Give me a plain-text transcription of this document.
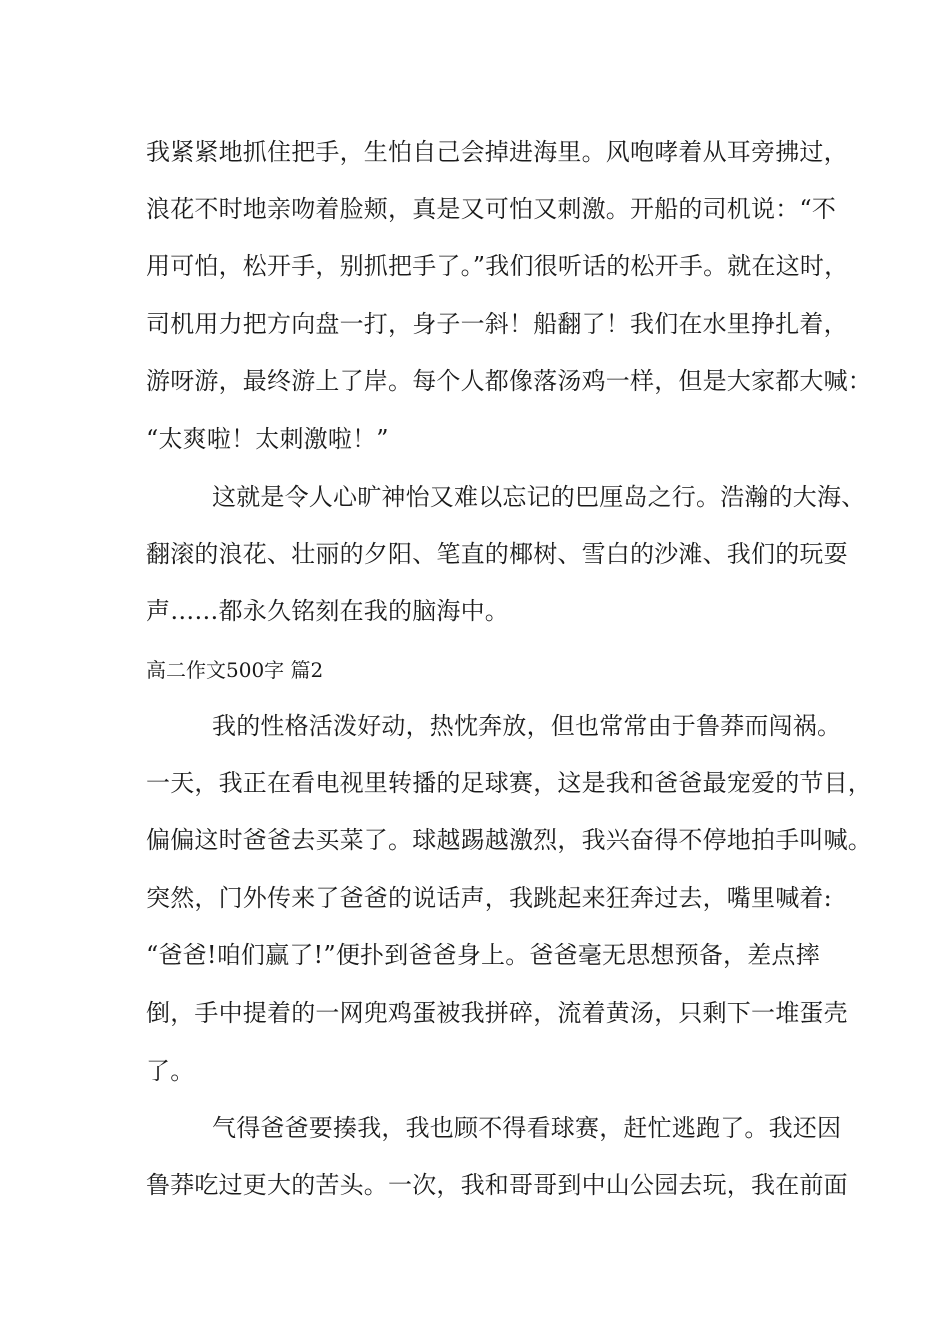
我紧紧地抓住把手，生怕自己会掉进海里。风咆哮着从耳旁拂过，
浪花不时地亲吻着脸颊，真是又可怕又刺激。开船的司机说：“不
用可怕，松开手，别抓把手了。”我们很听话的松开手。就在这时，
司机用力把方向盘一打，身子一斜！船翻了！我们在水里挣扎着，
游呀游，最终游上了岸。每个人都像落汤鸡一样，但是大家都大喊：
“太爽啦！太刺激啦！”
这就是令人心旷神怡又难以忘记的巴厘岛之行。浩瀚的大海、
翻滚的浪花、壮丽的夕阳、笔直的椰树、雪白的沙滩、我们的玩耍
声……都永久铭刻在我的脑海中。
高二作文500字 篇2
我的性格活泼好动，热忱奔放，但也常常由于鲁莽而闯祸。
一天，我正在看电视里转播的足球赛，这是我和爸爸最宠爱的节目，
偏偏这时爸爸去买菜了。球越踢越激烈，我兴奋得不停地拍手叫喊。
突然，门外传来了爸爸的说话声，我跳起来狂奔过去，嘴里喊着:
“爸爸!咱们赢了!”便扑到爸爸身上。爸爸毫无思想预备，差点摔
倒，手中提着的一网兜鸡蛋被我拼碎，流着黄汤，只剩下一堆蛋壳
了。
气得爸爸要揍我，我也顾不得看球赛，赶忙逃跑了。我还因
鲁莽吃过更大的苦头。一次，我和哥哥到中山公园去玩，我在前面
